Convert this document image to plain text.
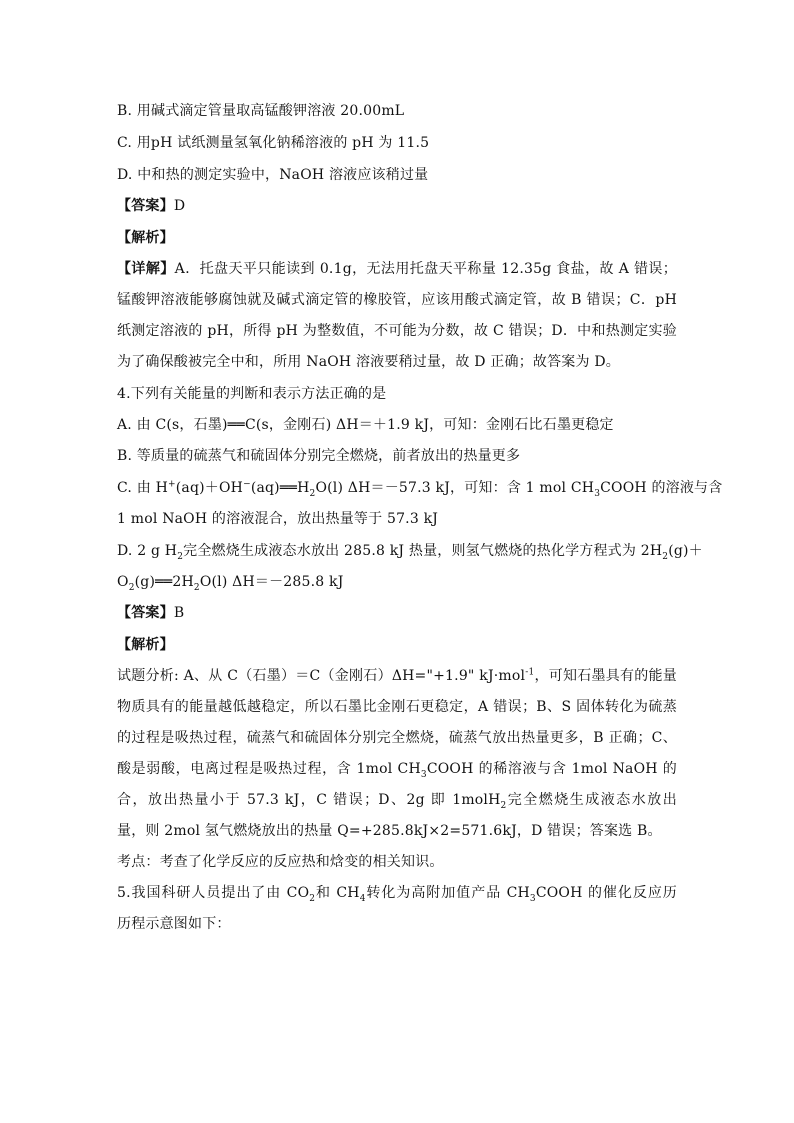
B. 用碱式滴定管量取高锰酸钾溶液 20.00mL
C. 用pH 试纸测量氢氧化钠稀溶液的 pH 为 11.5
D. 中和热的测定实验中，NaOH 溶液应该稍过量
【答案】D
【解析】
【详解】A．托盘天平只能读到 0.1g，无法用托盘天平称量 12.35g 食盐，故 A 错误；
锰酸钾溶液能够腐蚀就及碱式滴定管的橡胶管，应该用酸式滴定管，故 B 错误；C．pH
纸测定溶液的 pH，所得 pH 为整数值，不可能为分数，故 C 错误；D．中和热测定实验
为了确保酸被完全中和，所用 NaOH 溶液要稍过量，故 D 正确；故答案为 D。
4.下列有关能量的判断和表示方法正确的是
A. 由 C(s，石墨)══C(s，金刚石) ΔH＝＋1.9 kJ，可知：金刚石比石墨更稳定
B. 等质量的硫蒸气和硫固体分别完全燃烧，前者放出的热量更多
C. 由 $H^+(aq)+OH^-(aq)══H_2O(l)$ ΔH＝－57.3 kJ，可知：含 1 mol $CH_3COOH$ 的溶液与含
1 mol NaOH 的溶液混合，放出热量等于 57.3 kJ
D. 2 g $H_2$完全燃烧生成液态水放出 285.8 kJ 热量，则氢气燃烧的热化学方程式为 $2H_2(g)+$
$O_2(g)══2H_2O(l)$ ΔH＝－285.8 kJ
【答案】B
【解析】
试题分析: A、从 C（石墨）＝C（金刚石）ΔH="+1.9" kJ·mol$^{-1}$，可知石墨具有的能量
物质具有的能量越低越稳定，所以石墨比金刚石更稳定，A 错误；B、S 固体转化为硫蒸
的过程是吸热过程，硫蒸气和硫固体分别完全燃烧，硫蒸气放出热量更多，B 正确；C、
酸是弱酸，电离过程是吸热过程，含 1mol $CH_3COOH$ 的稀溶液与含 1mol NaOH 的
合，放出热量小于 57.3 kJ，C 错误；D、2g 即 1molH$_2$完全燃烧生成液态水放出
量，则 2mol 氢气燃烧放出的热量 Q=+285.8kJ×2=571.6kJ，D 错误；答案选 B。
考点：考查了化学反应的反应热和焓变的相关知识。
5.我国科研人员提出了由 $CO_2$和 $CH_4$转化为高附加值产品 $CH_3COOH$ 的催化反应历
历程示意图如下：
